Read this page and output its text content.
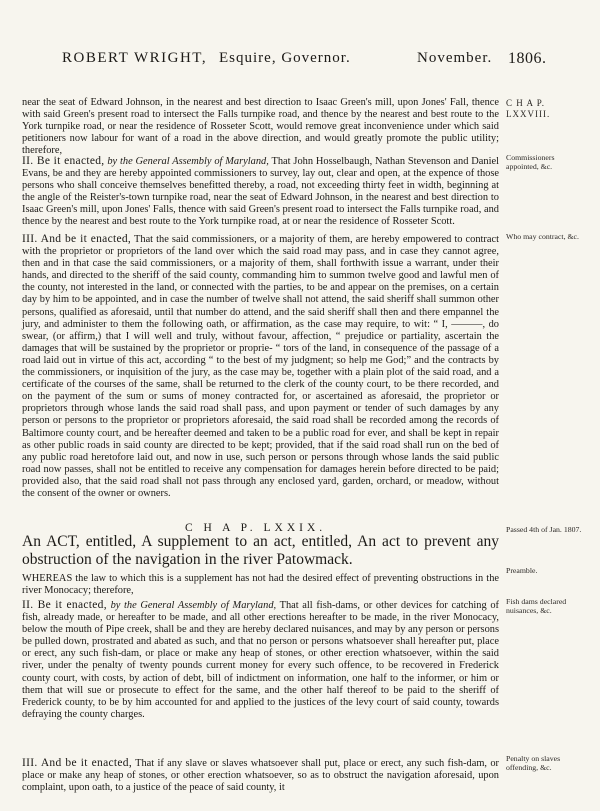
ROBERT WRIGHT, Esquire, Governor.	November. 1806.
C H A P. LXXVIII.
near the seat of Edward Johnson, in the nearest and best direction to Isaac Green's mill, upon Jones' Fall, thence with said Green's present road to intersect the Falls turnpike road, and thence by the nearest and best route to the York turnpike road, or near the residence of Rosseter Scott, would remove great inconvenience under which said petitioners now labour for want of a road in the above direction, and would greatly promote the public utility; therefore,
II. Be it enacted, by the General Assembly of Maryland, That John Hosselbaugh, Nathan Stevenson and Daniel Evans, be and they are hereby appointed commissioners to survey, lay out, clear and open, at the expence of those persons who shall conceive themselves benefitted thereby, a road, not exceeding thirty feet in width, beginning at the angle of the Reister's-town turnpike road, near the seat of Edward Johnson, in the nearest and best direction to Isaac Green's mill, upon Jones' Falls, thence with said Green's present road to intersect the Falls turnpike road, and thence by the nearest and best route to the York turnpike road, at or near the residence of Rosseter Scott.
Commissioners appointed, &c.
III. And be it enacted, That the said commissioners, or a majority of them, are hereby empowered to contract with the proprietor or proprietors of the land over which the said road may pass, and in case they cannot agree, then and in that case the said commissioners, or a majority of them, shall forthwith issue a warrant, under their hands, and directed to the sheriff of the said county, commanding him to summon twelve good and lawful men of the county, not interested in the land, or connected with the parties, to be and appear on the premises, on a certain day by him to be appointed, and in case the number of twelve shall not attend, the said sheriff shall summon other persons, qualified as aforesaid, until that number do attend, and the said sheriff shall then and there empannel the jury, and administer to them the following oath, or affirmation, as the case may require, to wit: “ I, ———, do swear, (or affirm,) that I will well and truly, without favour, affection, “ prejudice or partiality, ascertain the damages that will be sustained by the proprietor or proprie- “ tors of the land, in consequence of the passage of a road laid out in virtue of this act, according “ to the best of my judgment; so help me God;” and the contracts by the commissioners, or inquisition of the jury, as the case may be, together with a plain plot of the said road, and a certificate of the courses of the same, shall be returned to the clerk of the county court, to be there recorded, and on the payment of the sum or sums of money contracted for, or ascertained as aforesaid, the proprietor or proprietors through whose lands the said road shall pass, and upon payment or tender of such damages by any person or persons to the proprietor or proprietors aforesaid, the said road shall be recorded among the records of Baltimore county court, and be hereafter deemed and taken to be a public road for ever, and shall be kept in repair as other public roads in said county are directed to be kept; provided, that if the said road shall run on the bed of any public road heretofore laid out, and now in use, such person or persons through whose lands the said public road now passes, shall not be entitled to receive any compensation for damages herein before directed to be paid; provided also, that the said road shall not pass through any enclosed yard, garden, orchard, or meadow, without the consent of the owner or owners.
Who may contract, &c.
C H A P. LXXIX.	Passed 4th of Jan. 1807.
An ACT, entitled, A supplement to an act, entitled, An act to prevent any obstruction of the navigation in the river Patowmack.
WHEREAS the law to which this is a supplement has not had the desired effect of preventing obstructions in the river Monocacy; therefore,
Preamble.
II. Be it enacted, by the General Assembly of Maryland, That all fish-dams, or other devices for catching of fish, already made, or hereafter to be made, and all other erections hereafter to be made, in the river Monocacy, below the mouth of Pipe creek, shall be and they are hereby declared nuisances, and may by any person or persons be pulled down, prostrated and abated as such, and that no person or persons whatsoever shall hereafter put, place or erect, any such fish-dam, or place or make any heap of stones, or other erection whatsoever, within the said river, under the penalty of twenty pounds current money for every such offence, to be recovered in Frederick county court, with costs, by action of debt, bill of indictment on information, one half to the informer, or him or them that will sue or prosecute to effect for the same, and the other half thereof to be paid to the sheriff of Frederick county, to be by him accounted for and applied to the justices of the levy court of said county, towards defraying the county charges.
Fish dams declared nuisances, &c.
III. And be it enacted, That if any slave or slaves whatsoever shall put, place or erect, any such fish-dam, or place or make any heap of stones, or other erection whatsoever, so as to obstruct the navigation aforesaid, upon complaint, upon oath, to a justice of the peace of said county, it
Penalty on slaves offending, &c.
